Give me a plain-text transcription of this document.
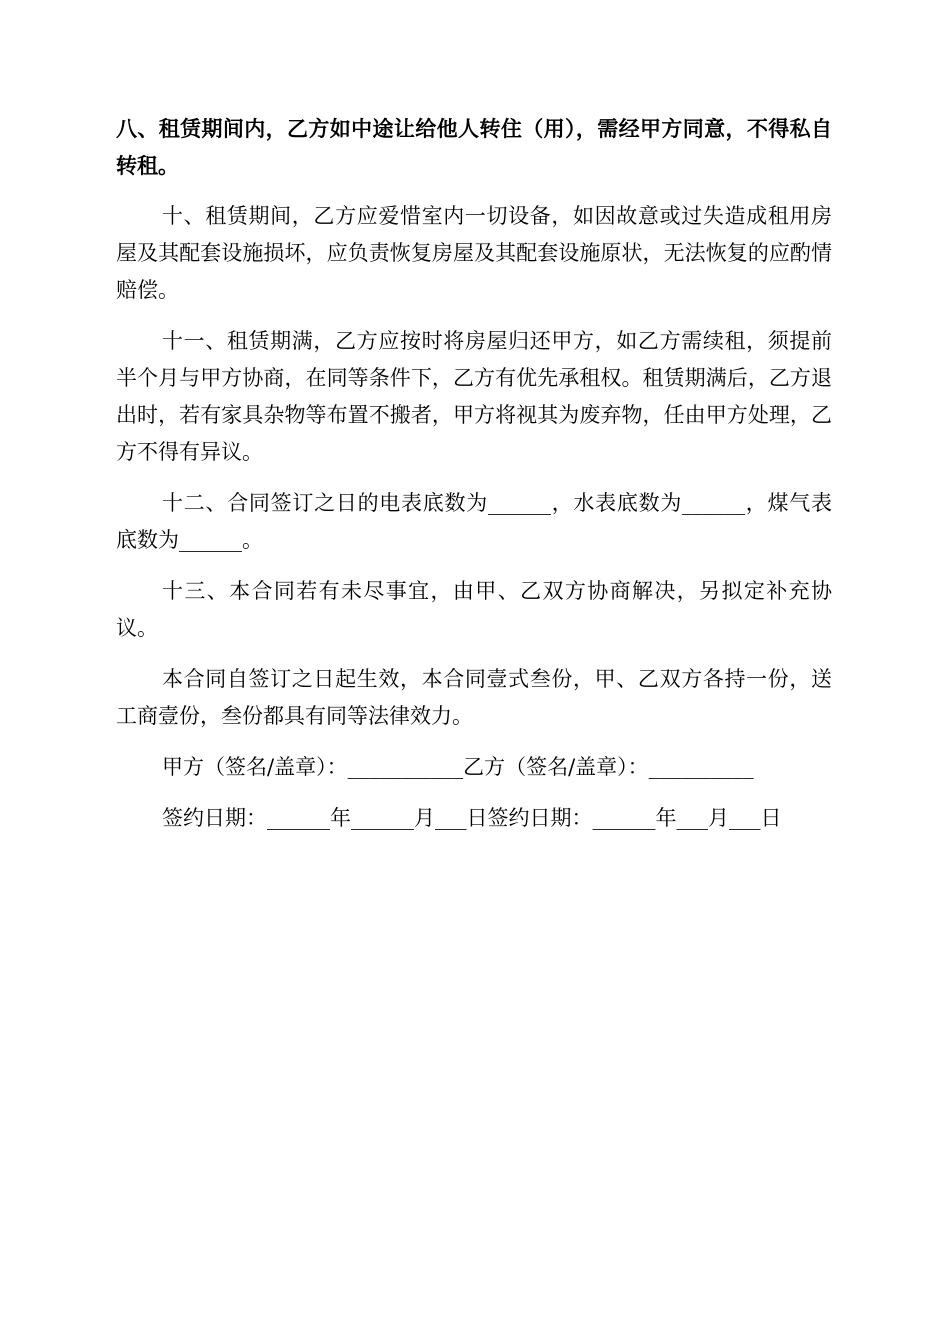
八、租赁期间内，乙方如中途让给他人转住（用），需经甲方同意，不得私自转租。

十、租赁期间，乙方应爱惜室内一切设备，如因故意或过失造成租用房屋及其配套设施损坏，应负责恢复房屋及其配套设施原状，无法恢复的应酌情赔偿。

十一、租赁期满，乙方应按时将房屋归还甲方，如乙方需续租，须提前半个月与甲方协商，在同等条件下，乙方有优先承租权。租赁期满后，乙方退出时，若有家具杂物等布置不搬者，甲方将视其为废弃物，任由甲方处理，乙方不得有异议。

十二、合同签订之日的电表底数为______，水表底数为______，煤气表底数为______。

十三、本合同若有未尽事宜，由甲、乙双方协商解决，另拟定补充协议。

本合同自签订之日起生效，本合同壹式叁份，甲、乙双方各持一份，送工商壹份，叁份都具有同等法律效力。

甲方（签名/盖章）：___________乙方（签名/盖章）：__________

签约日期：______年______月___日签约日期：______年___月___日
